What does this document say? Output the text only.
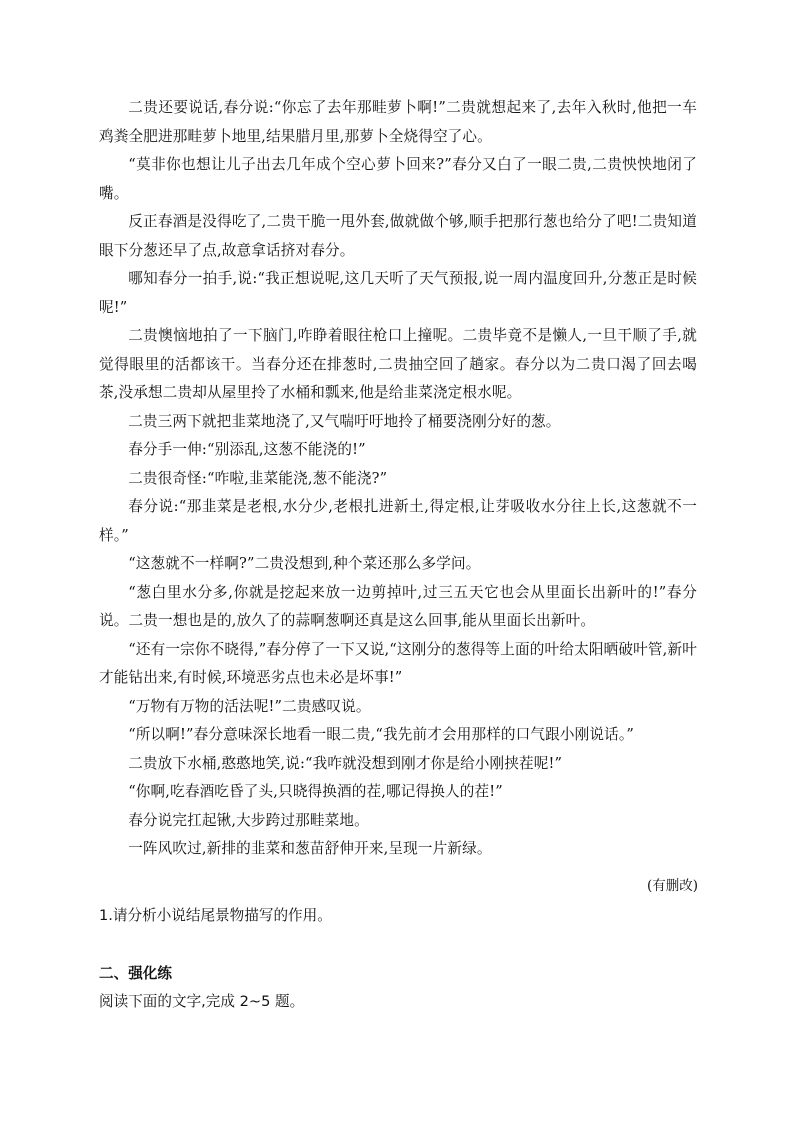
二贵还要说话,春分说:“你忘了去年那畦萝卜啊!”二贵就想起来了,去年入秋时,他把一车鸡粪全肥进那畦萝卜地里,结果腊月里,那萝卜全烧得空了心。

“莫非你也想让儿子出去几年成个空心萝卜回来?”春分又白了一眼二贵,二贵怏怏地闭了嘴。

反正春酒是没得吃了,二贵干脆一甩外套,做就做个够,顺手把那行葱也给分了吧!二贵知道眼下分葱还早了点,故意拿话挤对春分。

哪知春分一拍手,说:“我正想说呢,这几天听了天气预报,说一周内温度回升,分葱正是时候呢!”

二贵懊恼地拍了一下脑门,咋睁着眼往枪口上撞呢。二贵毕竟不是懒人,一旦干顺了手,就觉得眼里的活都该干。当春分还在排葱时,二贵抽空回了趟家。春分以为二贵口渴了回去喝茶,没承想二贵却从屋里拎了水桶和瓢来,他是给韭菜浇定根水呢。

二贵三两下就把韭菜地浇了,又气喘吁吁地拎了桶要浇刚分好的葱。

春分手一伸:“别添乱,这葱不能浇的!”

二贵很奇怪:“咋啦,韭菜能浇,葱不能浇?”

春分说:“那韭菜是老根,水分少,老根扎进新土,得定根,让芽吸收水分往上长,这葱就不一样。”

“这葱就不一样啊?”二贵没想到,种个菜还那么多学问。

“葱白里水分多,你就是挖起来放一边剪掉叶,过三五天它也会从里面长出新叶的!”春分说。二贵一想也是的,放久了的蒜啊葱啊还真是这么回事,能从里面长出新叶。

“还有一宗你不晓得,”春分停了一下又说,“这刚分的葱得等上面的叶给太阳晒破叶管,新叶才能钻出来,有时候,环境恶劣点也未必是坏事!”

“万物有万物的活法呢!”二贵感叹说。

“所以啊!”春分意味深长地看一眼二贵,“我先前才会用那样的口气跟小刚说话。”

二贵放下水桶,憨憨地笑,说:“我咋就没想到刚才你是给小刚挟茬呢!”

“你啊,吃春酒吃昏了头,只晓得换酒的茬,哪记得换人的茬!”

春分说完扛起锹,大步跨过那畦菜地。

一阵风吹过,新排的韭菜和葱苗舒伸开来,呈现一片新绿。

(有删改)
1.请分析小说结尾景物描写的作用。
二、强化练
阅读下面的文字,完成 2~5 题。
